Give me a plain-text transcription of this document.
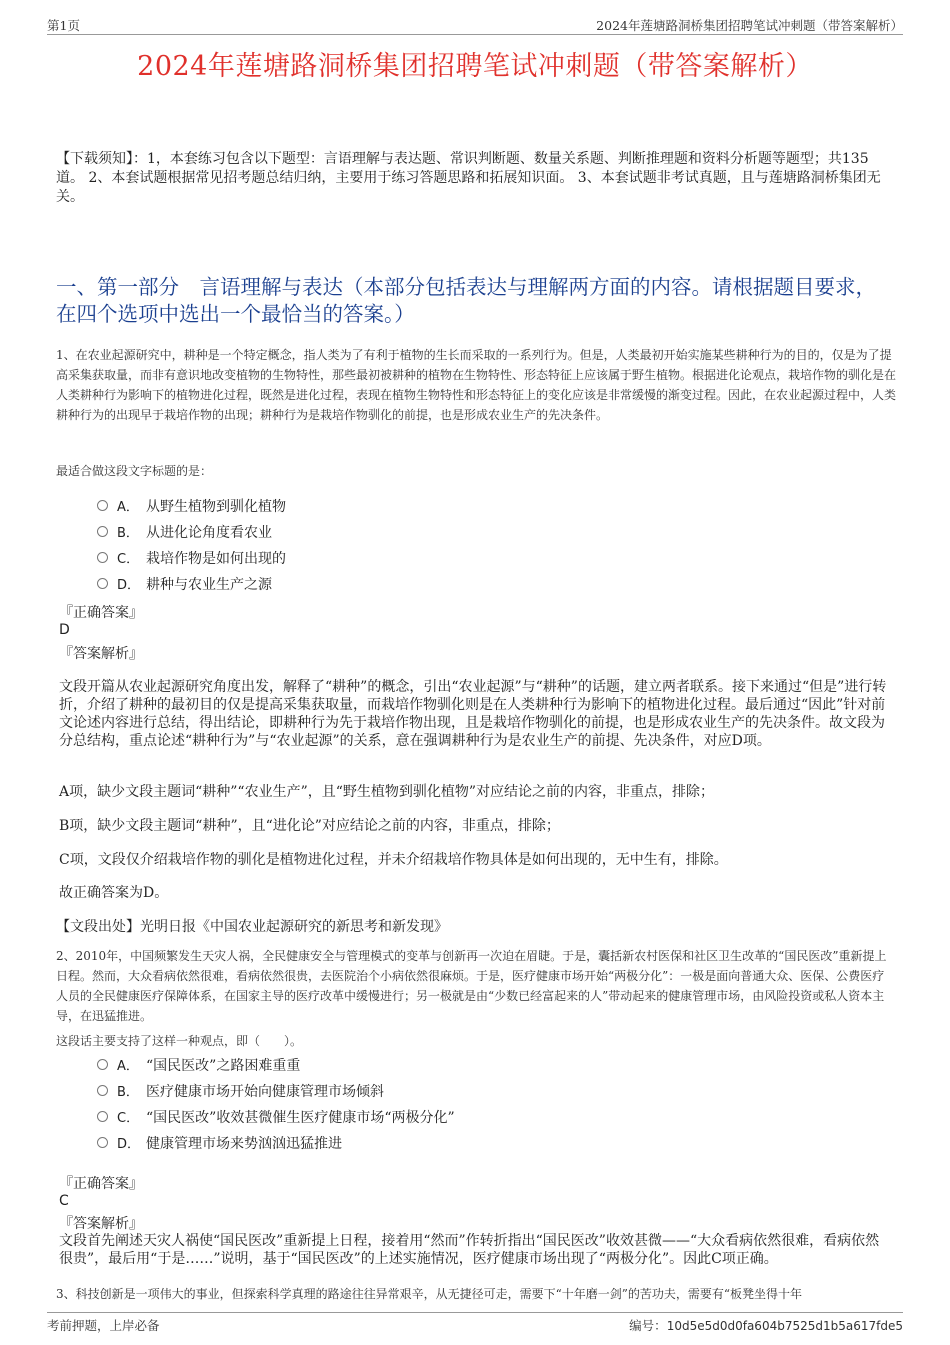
第1页	2024年莲塘路洞桥集团招聘笔试冲刺题（带答案解析）
2024年莲塘路洞桥集团招聘笔试冲刺题（带答案解析）
【下载须知】：1，本套练习包含以下题型：言语理解与表达题、常识判断题、数量关系题、判断推理题和资料分析题等题型；共135道。 2、本套试题根据常见招考题总结归纳，主要用于练习答题思路和拓展知识面。 3、本套试题非考试真题，且与莲塘路洞桥集团无关。
一、第一部分　言语理解与表达（本部分包括表达与理解两方面的内容。请根据题目要求，在四个选项中选出一个最恰当的答案。）
1、在农业起源研究中，耕种是一个特定概念，指人类为了有利于植物的生长而采取的一系列行为。但是，人类最初开始实施某些耕种行为的目的，仅是为了提高采集获取量，而非有意识地改变植物的生物特性，那些最初被耕种的植物在生物特性、形态特征上应该属于野生植物。根据进化论观点，栽培作物的驯化是在人类耕种行为影响下的植物进化过程，既然是进化过程，表现在植物生物特性和形态特征上的变化应该是非常缓慢的渐变过程。因此，在农业起源过程中，人类耕种行为的出现早于栽培作物的出现；耕种行为是栽培作物驯化的前提，也是形成农业生产的先决条件。
最适合做这段文字标题的是：
A． 从野生植物到驯化植物
B． 从进化论角度看农业
C． 栽培作物是如何出现的
D． 耕种与农业生产之源
『正确答案』
D
『答案解析』
文段开篇从农业起源研究角度出发，解释了“耕种”的概念，引出“农业起源”与“耕种”的话题，建立两者联系。接下来通过“但是”进行转折，介绍了耕种的最初目的仅是提高采集获取量，而栽培作物驯化则是在人类耕种行为影响下的植物进化过程。最后通过“因此”针对前文论述内容进行总结，得出结论，即耕种行为先于栽培作物出现，且是栽培作物驯化的前提，也是形成农业生产的先决条件。故文段为分总结构，重点论述“耕种行为”与“农业起源”的关系，意在强调耕种行为是农业生产的前提、先决条件，对应D项。
A项，缺少文段主题词“耕种”“农业生产”，且“野生植物到驯化植物”对应结论之前的内容，非重点，排除；
B项，缺少文段主题词“耕种”，且“进化论”对应结论之前的内容，非重点，排除；
C项，文段仅介绍栽培作物的驯化是植物进化过程，并未介绍栽培作物具体是如何出现的，无中生有，排除。
故正确答案为D。
【文段出处】光明日报《中国农业起源研究的新思考和新发现》
2、2010年，中国频繁发生天灾人祸，全民健康安全与管理模式的变革与创新再一次迫在眉睫。于是，囊括新农村医保和社区卫生改革的“国民医改”重新提上日程。然而，大众看病依然很难，看病依然很贵，去医院治个小病依然很麻烦。于是，医疗健康市场开始“两极分化”：一极是面向普通大众、医保、公费医疗人员的全民健康医疗保障体系，在国家主导的医疗改革中缓慢进行；另一极就是由“少数已经富起来的人”带动起来的健康管理市场，由风险投资或私人资本主导，在迅猛推进。
这段话主要支持了这样一种观点，即（　　）。
A． “国民医改”之路困难重重
B． 医疗健康市场开始向健康管理市场倾斜
C． “国民医改”收效甚微催生医疗健康市场“两极分化”
D． 健康管理市场来势汹汹迅猛推进
『正确答案』
C
『答案解析』
文段首先阐述天灾人祸使“国民医改”重新提上日程，接着用“然而”作转折指出“国民医改”收效甚微——“大众看病依然很难，看病依然很贵”，最后用“于是……”说明，基于“国民医改”的上述实施情况，医疗健康市场出现了“两极分化”。因此C项正确。
3、科技创新是一项伟大的事业，但探索科学真理的路途往往异常艰辛，从无捷径可走，需要下“十年磨一剑”的苦功夫，需要有“板凳坐得十年
考前押题，上岸必备	编号：10d5e5d0d0fa604b7525d1b5a617fde5
